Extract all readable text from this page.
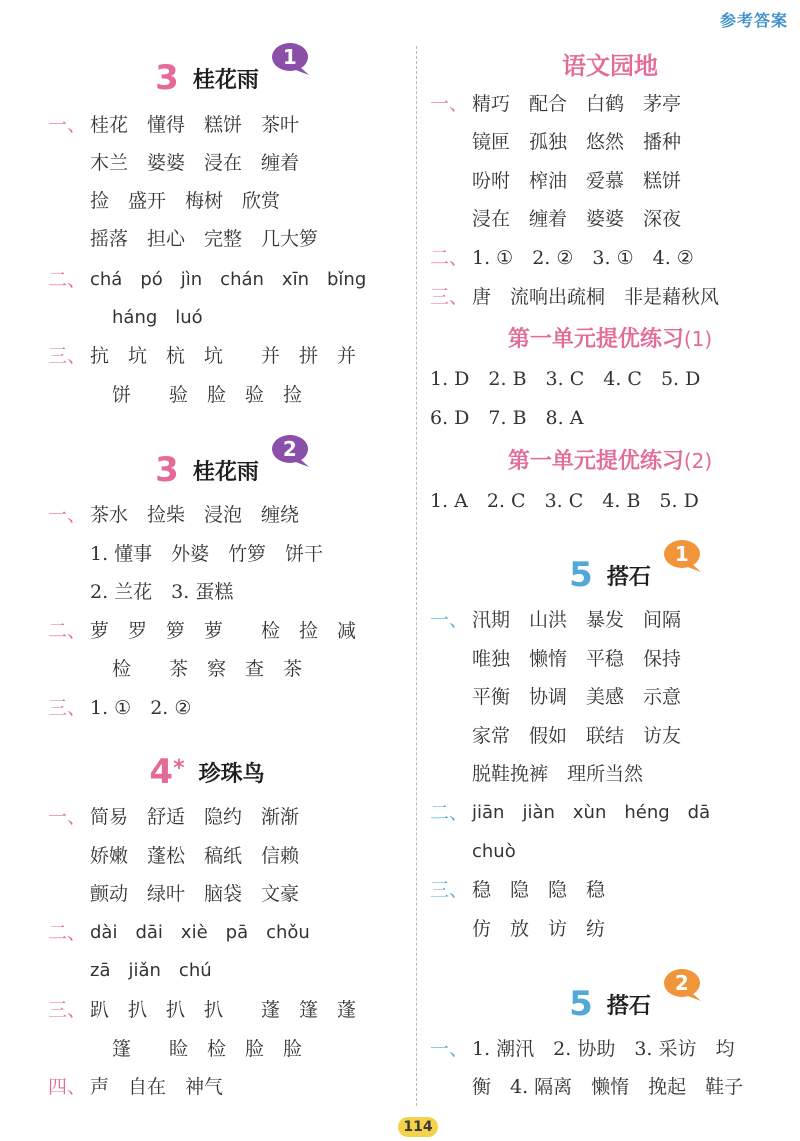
参考答案
3 桂花雨
1
一、 桂花　懂得　糕饼　茶叶
木兰　婆婆　浸在　缠着
捡　盛开　梅树　欣赏
摇落　担心　完整　几大箩
二、 chá　pó　jìn　chán　xīn　bǐng
háng　luó
三、 抗　坑　杭　坑　　并　拼　并
饼　　验　脸　验　捡
3 桂花雨
2
一、 茶水　捡柴　浸泡　缠绕
1. 懂事　外婆　竹箩　饼干
2. 兰花　3. 蛋糕
二、 萝　罗　箩　萝　　检　捡　减
检　　茶　察　查　茶
三、 1. ①　2. ②
4* 珍珠鸟
一、 简易　舒适　隐约　渐渐
娇嫩　蓬松　稿纸　信赖
颤动　绿叶　脑袋　文豪
二、 dài　dāi　xiè　pā　chǒu
zā　jiǎn　chú
三、 趴　扒　扒　扒　　蓬　篷　蓬
篷　　睑　检　脸　脸
四、 声　自在　神气
语文园地
一、 精巧　配合　白鹤　茅亭
镜匣　孤独　悠然　播种
吩咐　榨油　爱慕　糕饼
浸在　缠着　婆婆　深夜
二、 1. ①　2. ②　3. ①　4. ②
三、 唐　流响出疏桐　非是藉秋风
第一单元提优练习(1)
1. D　2. B　3. C　4. C　5. D
6. D　7. B　8. A
第一单元提优练习(2)
1. A　2. C　3. C　4. B　5. D
5 搭石
1
一、 汛期　山洪　暴发　间隔
唯独　懒惰　平稳　保持
平衡　协调　美感　示意
家常　假如　联结　访友
脱鞋挽裤　理所当然
二、 jiān　jiàn　xùn　héng　dā
chuò
三、 稳　隐　隐　稳
仿　放　访　纺
5 搭石
2
一、 1. 潮汛　2. 协助　3. 采访　均
衡　4. 隔离　懒惰　挽起　鞋子
114
